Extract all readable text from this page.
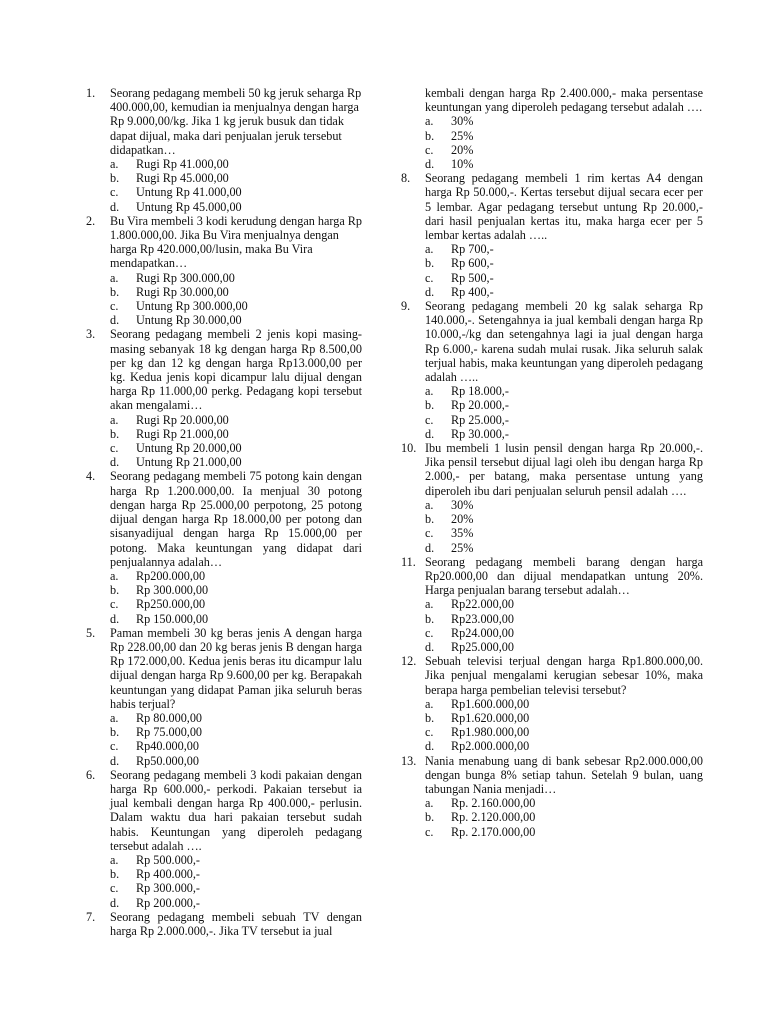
1.	Seorang pedagang membeli 50 kg jeruk seharga Rp 400.000,00, kemudian ia menjualnya dengan harga Rp 9.000,00/kg. Jika 1 kg jeruk busuk dan tidak dapat dijual, maka dari penjualan jeruk tersebut didapatkan…
a.	Rugi Rp 41.000,00
b.	Rugi Rp 45.000,00
c.	Untung Rp 41.000,00
d.	Untung Rp 45.000,00
2.	Bu Vira membeli 3 kodi kerudung dengan harga Rp 1.800.000,00. Jika Bu Vira menjualnya dengan harga Rp 420.000,00/lusin, maka Bu Vira mendapatkan…
a.	Rugi Rp 300.000,00
b.	Rugi Rp 30.000,00
c.	Untung Rp 300.000,00
d.	Untung Rp 30.000,00
3.	Seorang pedagang membeli 2 jenis kopi masing-masing sebanyak 18 kg dengan harga Rp 8.500,00 per kg dan 12 kg dengan harga Rp13.000,00 per kg. Kedua jenis kopi dicampur lalu dijual dengan harga Rp 11.000,00 perkg. Pedagang kopi tersebut akan mengalami…
a.	Rugi Rp 20.000,00
b.	Rugi Rp 21.000,00
c.	Untung Rp 20.000,00
d.	Untung Rp 21.000,00
4.	Seorang pedagang membeli 75 potong kain dengan harga Rp 1.200.000,00. Ia menjual 30 potong dengan harga Rp 25.000,00 perpotong, 25 potong dijual dengan harga Rp 18.000,00 per potong dan sisanyadijual dengan harga Rp 15.000,00 per potong. Maka keuntungan yang didapat dari penjualannya adalah…
a.	Rp200.000,00
b.	Rp 300.000,00
c.	Rp250.000,00
d.	Rp 150.000,00
5.	Paman membeli 30 kg beras jenis A dengan harga Rp 228.00,00 dan 20 kg beras jenis B dengan harga Rp 172.000,00. Kedua jenis beras itu dicampur lalu dijual dengan harga Rp 9.600,00 per kg. Berapakah keuntungan yang didapat Paman jika seluruh beras habis terjual?
a.	Rp 80.000,00
b.	Rp 75.000,00
c.	Rp40.000,00
d.	Rp50.000,00
6.	Seorang pedagang membeli 3 kodi pakaian dengan harga Rp 600.000,- perkodi. Pakaian tersebut ia jual kembali dengan harga Rp 400.000,- perlusin. Dalam waktu dua hari pakaian tersebut sudah habis. Keuntungan yang diperoleh pedagang tersebut adalah ….
a.	Rp 500.000,-
b.	Rp 400.000,-
c.	Rp 300.000,-
d.	Rp 200.000,-
7.	Seorang pedagang membeli sebuah TV dengan harga Rp 2.000.000,-. Jika TV tersebut ia jual
kembali dengan harga Rp 2.400.000,- maka persentase keuntungan yang diperoleh pedagang tersebut adalah ….
a.	30%
b.	25%
c.	20%
d.	10%
8.	Seorang pedagang membeli 1 rim kertas A4 dengan harga Rp 50.000,-. Kertas tersebut dijual secara ecer per 5 lembar. Agar pedagang tersebut untung Rp 20.000,- dari hasil penjualan kertas itu, maka harga ecer per 5 lembar kertas adalah …..
a.	Rp 700,-
b.	Rp 600,-
c.	Rp 500,-
d.	Rp 400,-
9.	Seorang pedagang membeli 20 kg salak seharga Rp 140.000,-. Setengahnya ia jual kembali dengan harga Rp 10.000,-/kg dan setengahnya lagi ia jual dengan harga Rp 6.000,- karena sudah mulai rusak. Jika seluruh salak terjual habis, maka keuntungan yang diperoleh pedagang adalah …..
a.	Rp 18.000,-
b.	Rp 20.000,-
c.	Rp 25.000,-
d.	Rp 30.000,-
10. Ibu membeli 1 lusin pensil dengan harga Rp 20.000,-. Jika pensil tersebut dijual lagi oleh ibu dengan harga Rp 2.000,- per batang, maka persentase untung yang diperoleh ibu dari penjualan seluruh pensil adalah ….
a.	30%
b.	20%
c.	35%
d.	25%
11. Seorang pedagang membeli barang dengan harga Rp20.000,00 dan dijual mendapatkan untung 20%. Harga penjualan barang tersebut adalah…
a.	Rp22.000,00
b.	Rp23.000,00
c.	Rp24.000,00
d.	Rp25.000,00
12. Sebuah televisi terjual dengan harga Rp1.800.000,00. Jika penjual mengalami kerugian sebesar 10%, maka berapa harga pembelian televisi tersebut?
a.	Rp1.600.000,00
b.	Rp1.620.000,00
c.	Rp1.980.000,00
d.	Rp2.000.000,00
13. Nania menabung uang di bank sebesar Rp2.000.000,00 dengan bunga 8% setiap tahun. Setelah 9 bulan, uang tabungan Nania menjadi…
a.	Rp. 2.160.000,00
b.	Rp. 2.120.000,00
c.	Rp. 2.170.000,00
